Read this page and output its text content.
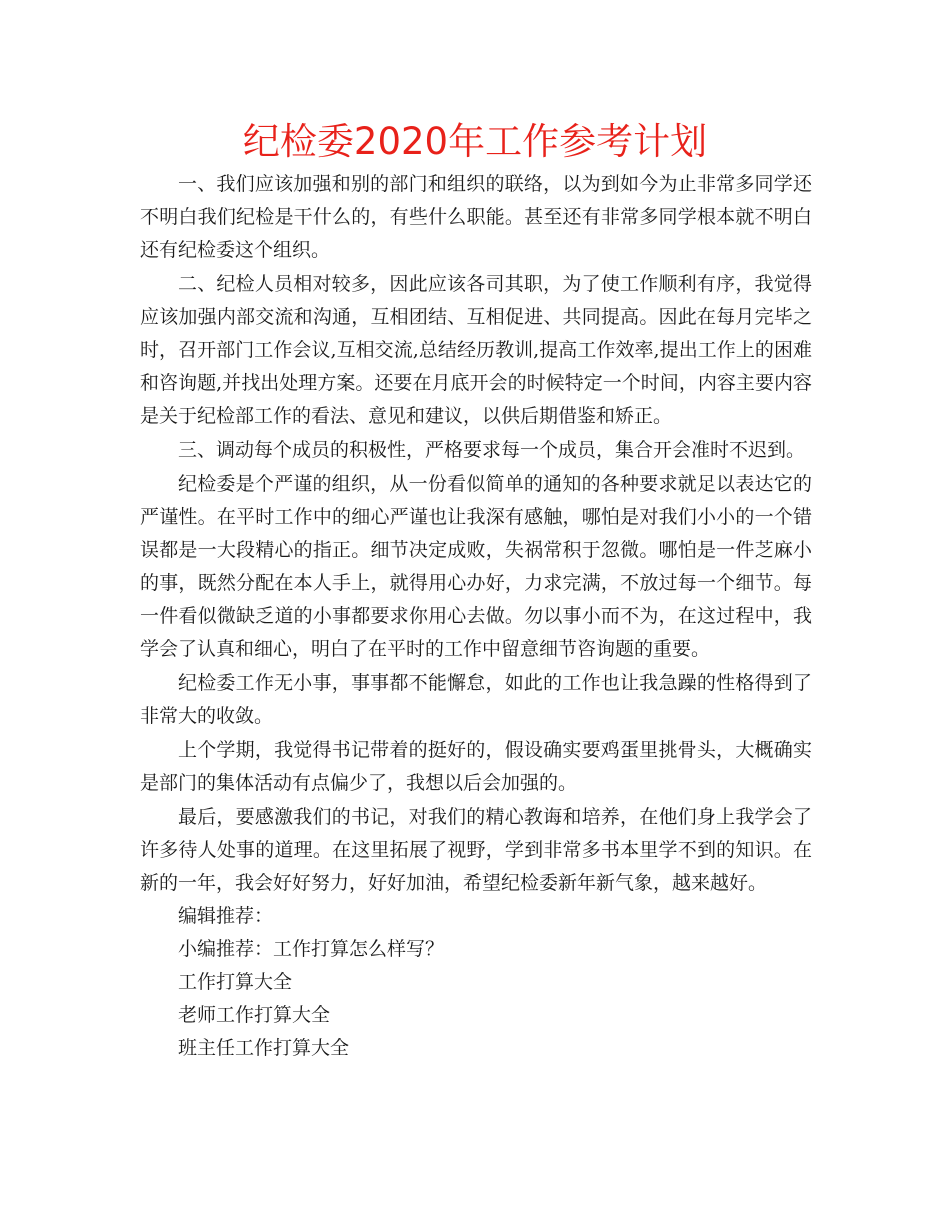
纪检委2020年工作参考计划

一、我们应该加强和别的部门和组织的联络，以为到如今为止非常多同学还不明白我们纪检是干什么的，有些什么职能。甚至还有非常多同学根本就不明白还有纪检委这个组织。

二、纪检人员相对较多，因此应该各司其职，为了使工作顺利有序，我觉得应该加强内部交流和沟通，互相团结、互相促进、共同提高。因此在每月完毕之时，召开部门工作会议,互相交流,总结经历教训,提高工作效率,提出工作上的困难和咨询题,并找出处理方案。还要在月底开会的时候特定一个时间，内容主要内容是关于纪检部工作的看法、意见和建议，以供后期借鉴和矫正。

三、调动每个成员的积极性，严格要求每一个成员，集合开会准时不迟到。

纪检委是个严谨的组织，从一份看似简单的通知的各种要求就足以表达它的严谨性。在平时工作中的细心严谨也让我深有感触，哪怕是对我们小小的一个错误都是一大段精心的指正。细节决定成败，失祸常积于忽微。哪怕是一件芝麻小的事，既然分配在本人手上，就得用心办好，力求完满，不放过每一个细节。每一件看似微缺乏道的小事都要求你用心去做。勿以事小而不为，在这过程中，我学会了认真和细心，明白了在平时的工作中留意细节咨询题的重要。

纪检委工作无小事，事事都不能懈怠，如此的工作也让我急躁的性格得到了非常大的收敛。

上个学期，我觉得书记带着的挺好的，假设确实要鸡蛋里挑骨头，大概确实是部门的集体活动有点偏少了，我想以后会加强的。

最后，要感激我们的书记，对我们的精心教诲和培养，在他们身上我学会了许多待人处事的道理。在这里拓展了视野，学到非常多书本里学不到的知识。在新的一年，我会好好努力，好好加油，希望纪检委新年新气象，越来越好。

编辑推荐：

小编推荐：工作打算怎么样写？

工作打算大全

老师工作打算大全

班主任工作打算大全
